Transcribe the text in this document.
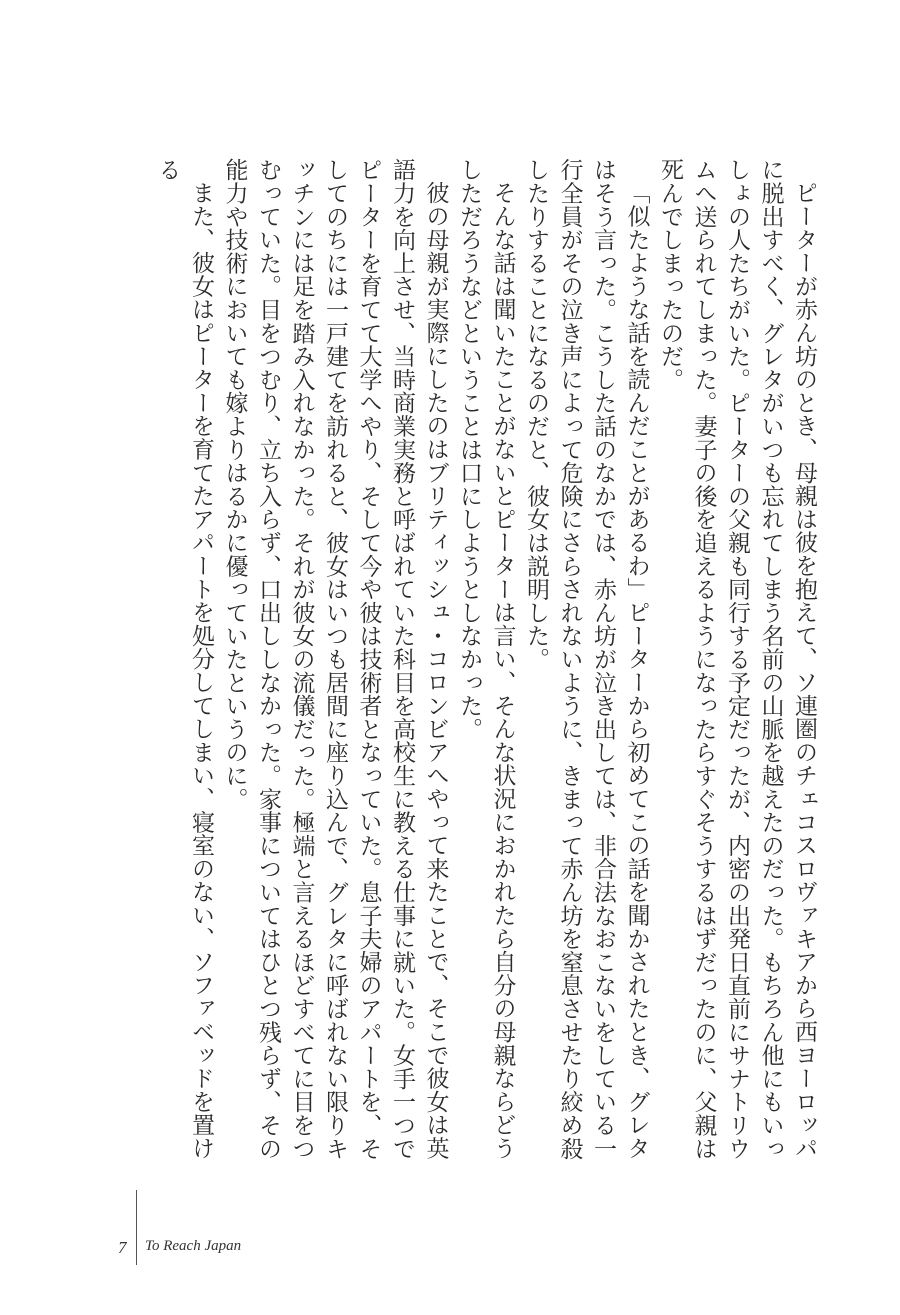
ピーターが赤ん坊のとき、母親は彼を抱えて、ソ連圏のチェコスロヴァキアから西ヨーロッパに脱出すべく、グレタがいつも忘れてしまう名前の山脈を越えたのだった。もちろん他にもいっしょの人たちがいた。ピーターの父親も同行する予定だったが、内密の出発日直前にサナトリウムへ送られてしまった。妻子の後を追えるようになったらすぐそうするはずだったのに、父親は死んでしまったのだ。

「似たような話を読んだことがあるわ」ピーターから初めてこの話を聞かされたとき、グレタはそう言った。こうした話のなかでは、赤ん坊が泣き出しては、非合法なおこないをしている一行全員がその泣き声によって危険にさらされないように、きまって赤ん坊を窒息させたり絞め殺したりすることになるのだと、彼女は説明した。

そんな話は聞いたことがないとピーターは言い、そんな状況におかれたら自分の母親ならどうしただろうなどということは口にしようとしなかった。

彼の母親が実際にしたのはブリティッシュ・コロンビアへやって来たことで、そこで彼女は英語力を向上させ、当時商業実務と呼ばれていた科目を高校生に教える仕事に就いた。女手一つでピーターを育てて大学へやり、そして今や彼は技術者となっていた。息子夫婦のアパートを、そしてのちには一戸建てを訪れると、彼女はいつも居間に座り込んで、グレタに呼ばれない限りキッチンには足を踏み入れなかった。それが彼女の流儀だった。極端と言えるほどすべてに目をつむっていた。目をつむり、立ち入らず、口出ししなかった。家事についてはひとつ残らず、その能力や技術においても嫁よりはるかに優っていたというのに。

また、彼女はピーターを育てたアパートを処分してしまい、寝室のない、ソファベッドを置ける

7 To Reach Japan
